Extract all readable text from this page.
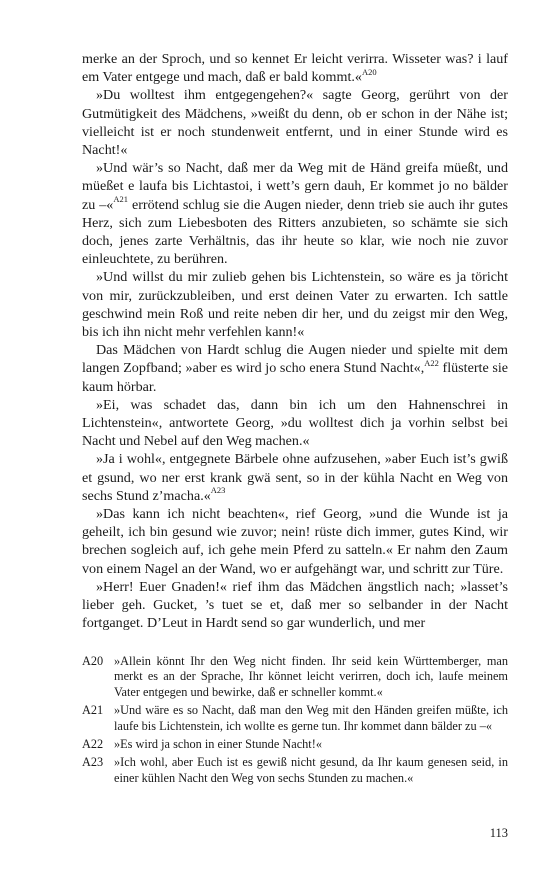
merke an der Sproch, und so kennet Er leicht verirra. Wisseter was? i lauf em Vater entgege und mach, daß er bald kommt.«$^{A20}$

»Du wolltest ihm entgegengehen?« sagte Georg, gerührt von der Gutmütigkeit des Mädchens, »weißt du denn, ob er schon in der Nähe ist; vielleicht ist er noch stundenweit entfernt, und in einer Stunde wird es Nacht!«

»Und wär’s so Nacht, daß mer da Weg mit de Händ greifa müeßt, und müeßet e laufa bis Lichtastoi, i wett’s gern dauh, Er kommet jo no bälder zu –«$^{A21}$ errötend schlug sie die Augen nieder, denn trieb sie auch ihr gutes Herz, sich zum Liebesboten des Ritters anzubieten, so schämte sie sich doch, jenes zarte Verhältnis, das ihr heute so klar, wie noch nie zuvor einleuchtete, zu berühren.

»Und willst du mir zulieb gehen bis Lichtenstein, so wäre es ja töricht von mir, zurückzubleiben, und erst deinen Vater zu erwarten. Ich sattle geschwind mein Roß und reite neben dir her, und du zeigst mir den Weg, bis ich ihn nicht mehr verfehlen kann!«

Das Mädchen von Hardt schlug die Augen nieder und spielte mit dem langen Zopfband; »aber es wird jo scho enera Stund Nacht«,$^{A22}$ flüsterte sie kaum hörbar.

»Ei, was schadet das, dann bin ich um den Hahnenschrei in Lichtenstein«, antwortete Georg, »du wolltest dich ja vorhin selbst bei Nacht und Nebel auf den Weg machen.«

»Ja i wohl«, entgegnete Bärbele ohne aufzusehen, »aber Euch ist’s gwiß et gsund, wo ner erst krank gwä sent, so in der kühla Nacht en Weg von sechs Stund z’macha.«$^{A23}$

»Das kann ich nicht beachten«, rief Georg, »und die Wunde ist ja geheilt, ich bin gesund wie zuvor; nein! rüste dich immer, gutes Kind, wir brechen sogleich auf, ich gehe mein Pferd zu satteln.« Er nahm den Zaum von einem Nagel an der Wand, wo er aufgehängt war, und schritt zur Türe.

»Herr! Euer Gnaden!« rief ihm das Mädchen ängstlich nach; »lasset’s lieber geh. Gucket, ’s tuet se et, daß mer so selbander in der Nacht fortganget. D’Leut in Hardt send so gar wunderlich, und mer

A20 »Allein könnt Ihr den Weg nicht finden. Ihr seid kein Württemberger, man merkt es an der Sprache, Ihr könnet leicht verirren, doch ich, laufe meinem Vater entgegen und bewirke, daß er schneller kommt.«
A21 »Und wäre es so Nacht, daß man den Weg mit den Händen greifen müßte, ich laufe bis Lichtenstein, ich wollte es gerne tun. Ihr kommet dann bälder zu –«
A22 »Es wird ja schon in einer Stunde Nacht!«
A23 »Ich wohl, aber Euch ist es gewiß nicht gesund, da Ihr kaum genesen seid, in einer kühlen Nacht den Weg von sechs Stunden zu machen.«
113
